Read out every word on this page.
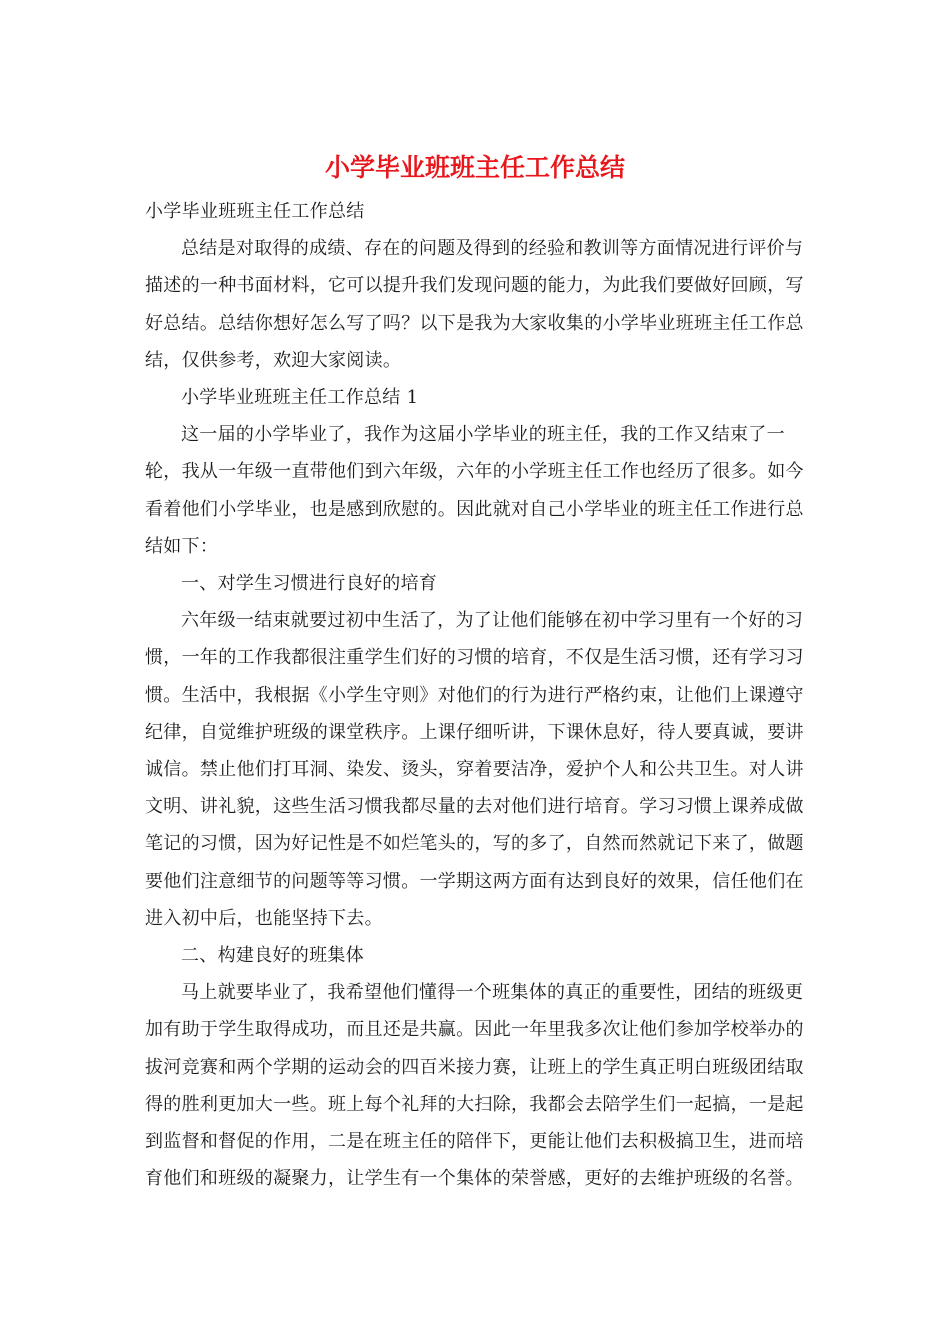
小学毕业班班主任工作总结

小学毕业班班主任工作总结

总结是对取得的成绩、存在的问题及得到的经验和教训等方面情况进行评价与描述的一种书面材料，它可以提升我们发现问题的能力，为此我们要做好回顾，写好总结。总结你想好怎么写了吗？以下是我为大家收集的小学毕业班班主任工作总结，仅供参考，欢迎大家阅读。

小学毕业班班主任工作总结 1

这一届的小学毕业了，我作为这届小学毕业的班主任，我的工作又结束了一轮，我从一年级一直带他们到六年级，六年的小学班主任工作也经历了很多。如今看着他们小学毕业，也是感到欣慰的。因此就对自己小学毕业的班主任工作进行总结如下：

一、对学生习惯进行良好的培育

六年级一结束就要过初中生活了，为了让他们能够在初中学习里有一个好的习惯，一年的工作我都很注重学生们好的习惯的培育，不仅是生活习惯，还有学习习惯。生活中，我根据《小学生守则》对他们的行为进行严格约束，让他们上课遵守纪律，自觉维护班级的课堂秩序。上课仔细听讲，下课休息好，待人要真诚，要讲诚信。禁止他们打耳洞、染发、烫头，穿着要洁净，爱护个人和公共卫生。对人讲文明、讲礼貌，这些生活习惯我都尽量的去对他们进行培育。学习习惯上课养成做笔记的习惯，因为好记性是不如烂笔头的，写的多了，自然而然就记下来了，做题要他们注意细节的问题等等习惯。一学期这两方面有达到良好的效果，信任他们在进入初中后，也能坚持下去。

二、构建良好的班集体

马上就要毕业了，我希望他们懂得一个班集体的真正的重要性，团结的班级更加有助于学生取得成功，而且还是共赢。因此一年里我多次让他们参加学校举办的拔河竞赛和两个学期的运动会的四百米接力赛，让班上的学生真正明白班级团结取得的胜利更加大一些。班上每个礼拜的大扫除，我都会去陪学生们一起搞，一是起到监督和督促的作用，二是在班主任的陪伴下，更能让他们去积极搞卫生，进而培育他们和班级的凝聚力，让学生有一个集体的荣誉感，更好的去维护班级的名誉。
